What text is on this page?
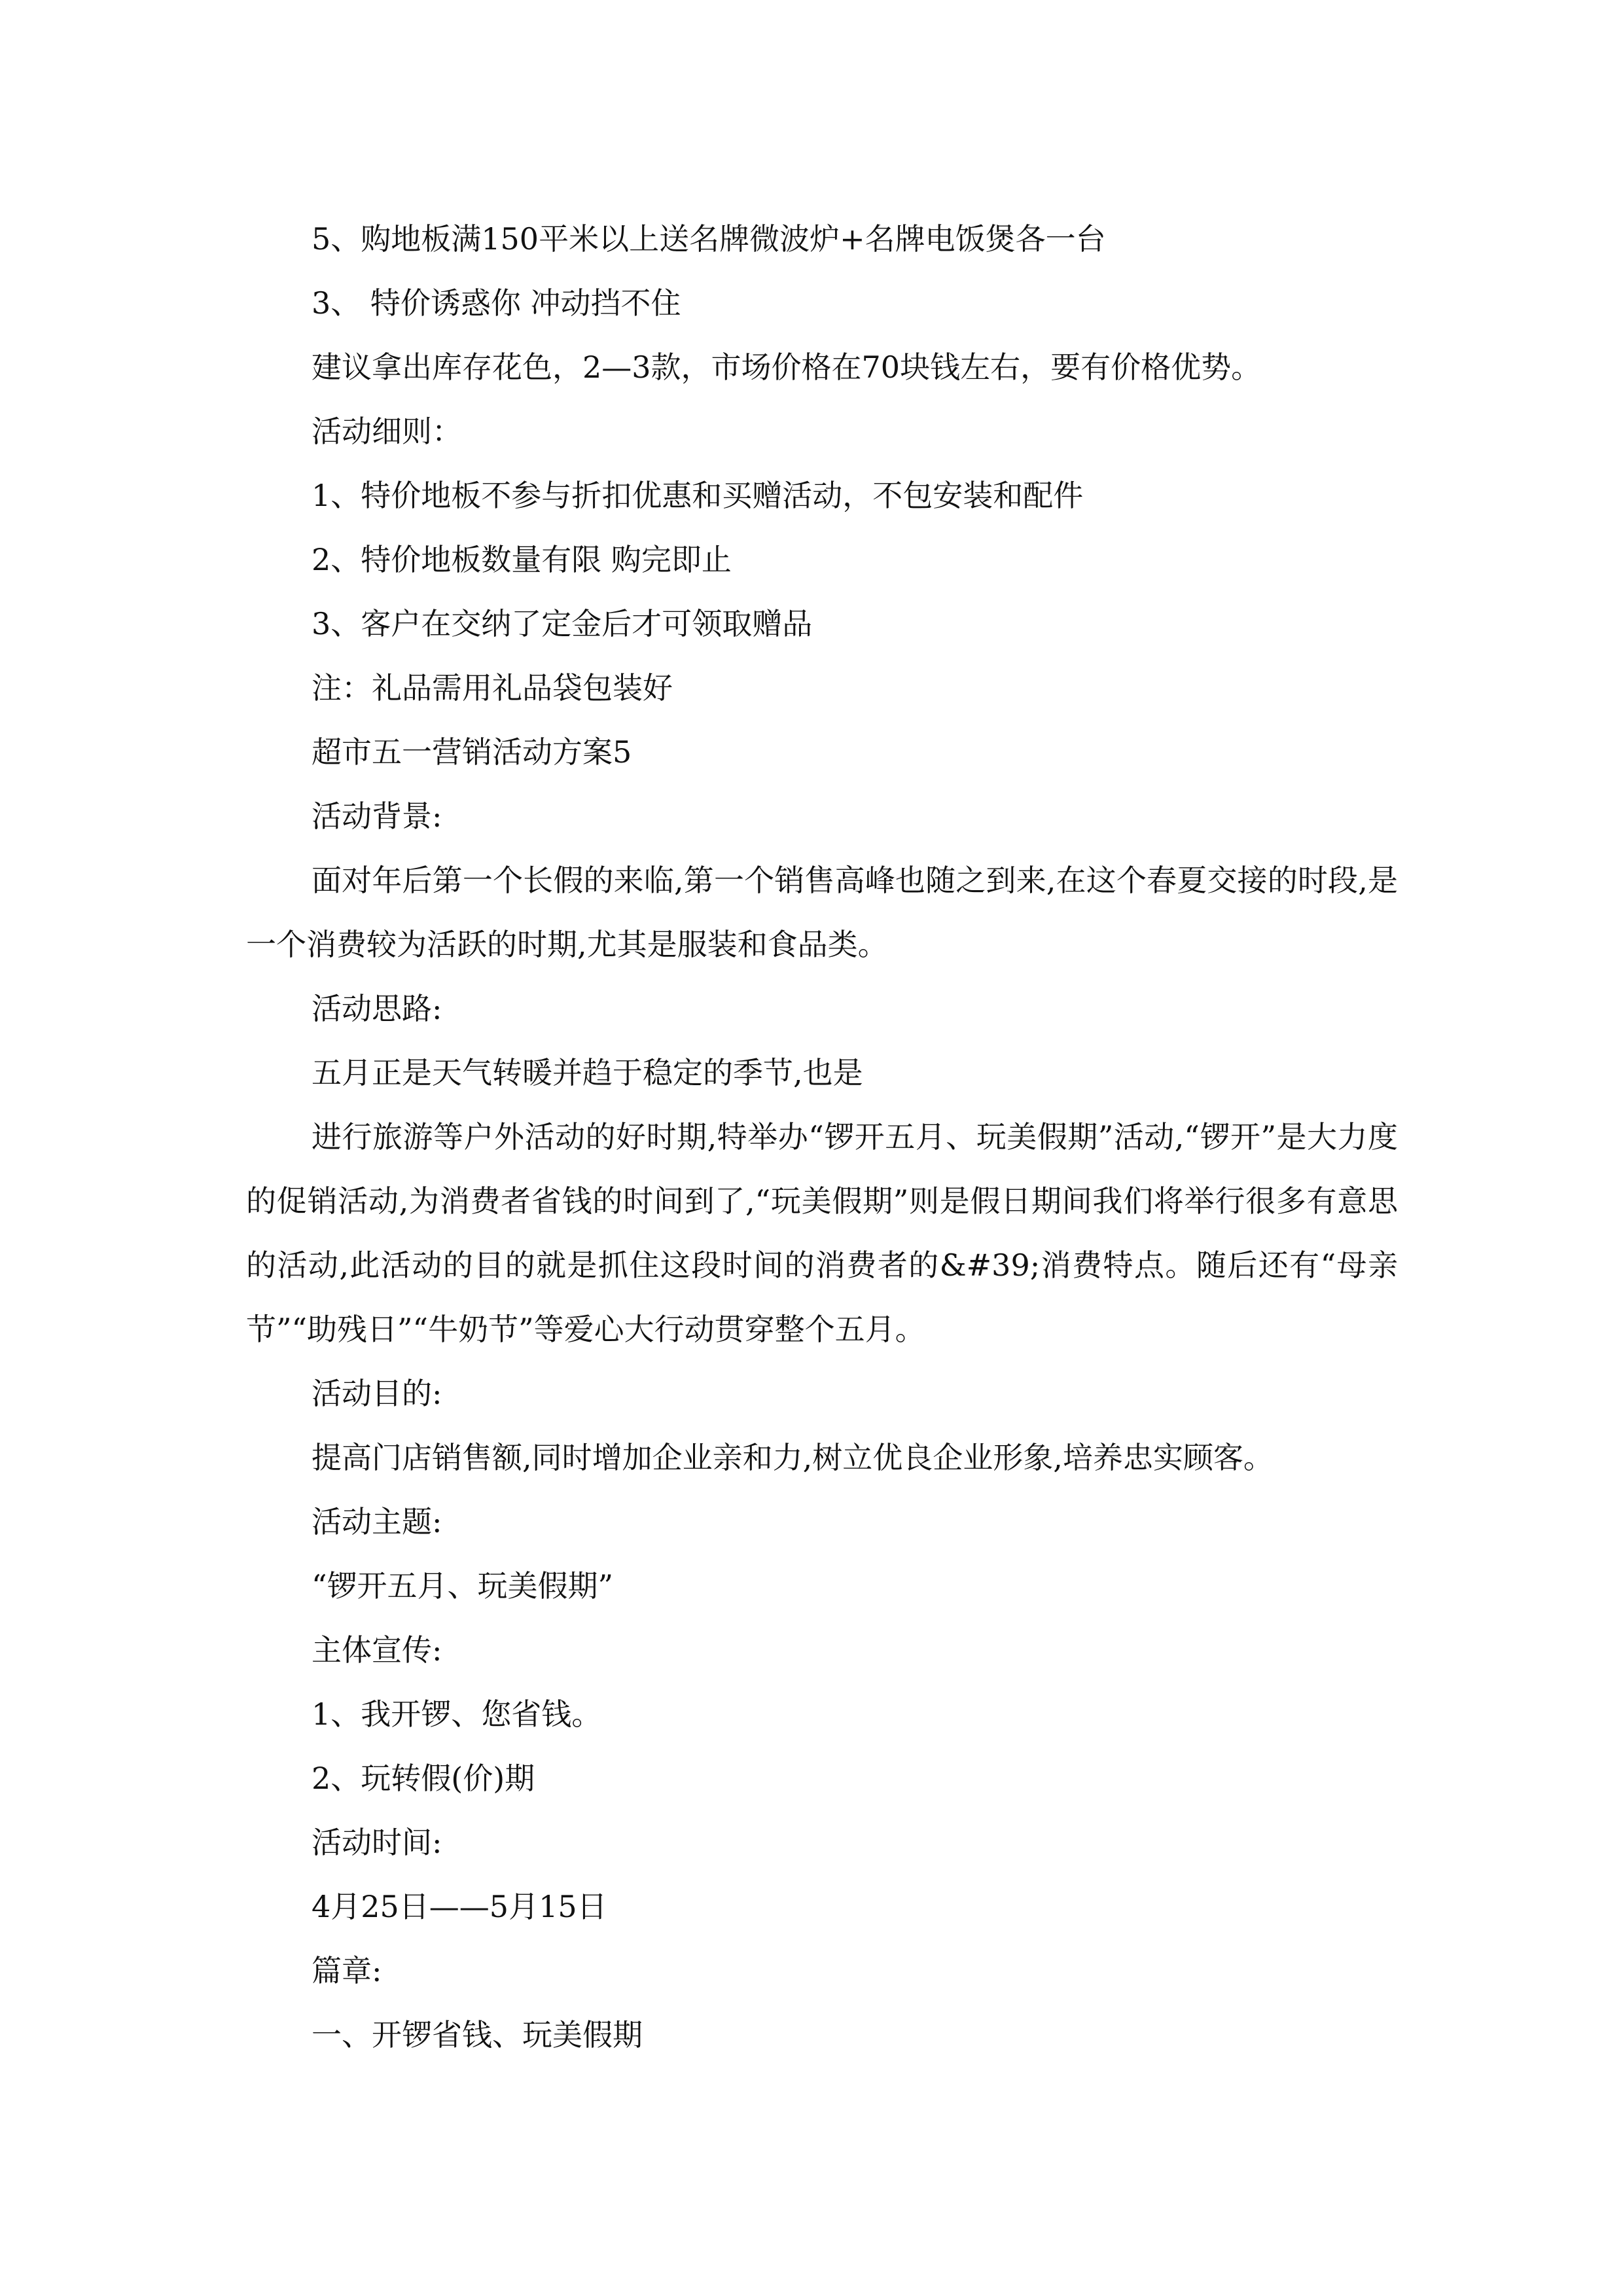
5、购地板满150平米以上送名牌微波炉+名牌电饭煲各一台

3、 特价诱惑你 冲动挡不住

建议拿出库存花色，2—3款，市场价格在70块钱左右，要有价格优势。

活动细则：

1、特价地板不参与折扣优惠和买赠活动，不包安装和配件

2、特价地板数量有限 购完即止

3、客户在交纳了定金后才可领取赠品

注：礼品需用礼品袋包装好

超市五一营销活动方案5

活动背景:

面对年后第一个长假的来临,第一个销售高峰也随之到来,在这个春夏交接的时段,是一个消费较为活跃的时期,尤其是服装和食品类。

活动思路:

五月正是天气转暖并趋于稳定的季节,也是

进行旅游等户外活动的好时期,特举办“锣开五月、玩美假期”活动,“锣开”是大力度的促销活动,为消费者省钱的时间到了,“玩美假期”则是假日期间我们将举行很多有意思的活动,此活动的目的就是抓住这段时间的消费者的&#39;消费特点。随后还有“母亲节”“助残日”“牛奶节”等爱心大行动贯穿整个五月。

活动目的:

提高门店销售额,同时增加企业亲和力,树立优良企业形象,培养忠实顾客。

活动主题:

“锣开五月、玩美假期”

主体宣传:

1、我开锣、您省钱。

2、玩转假(价)期

活动时间:

4月25日——5月15日

篇章:

一、开锣省钱、玩美假期
